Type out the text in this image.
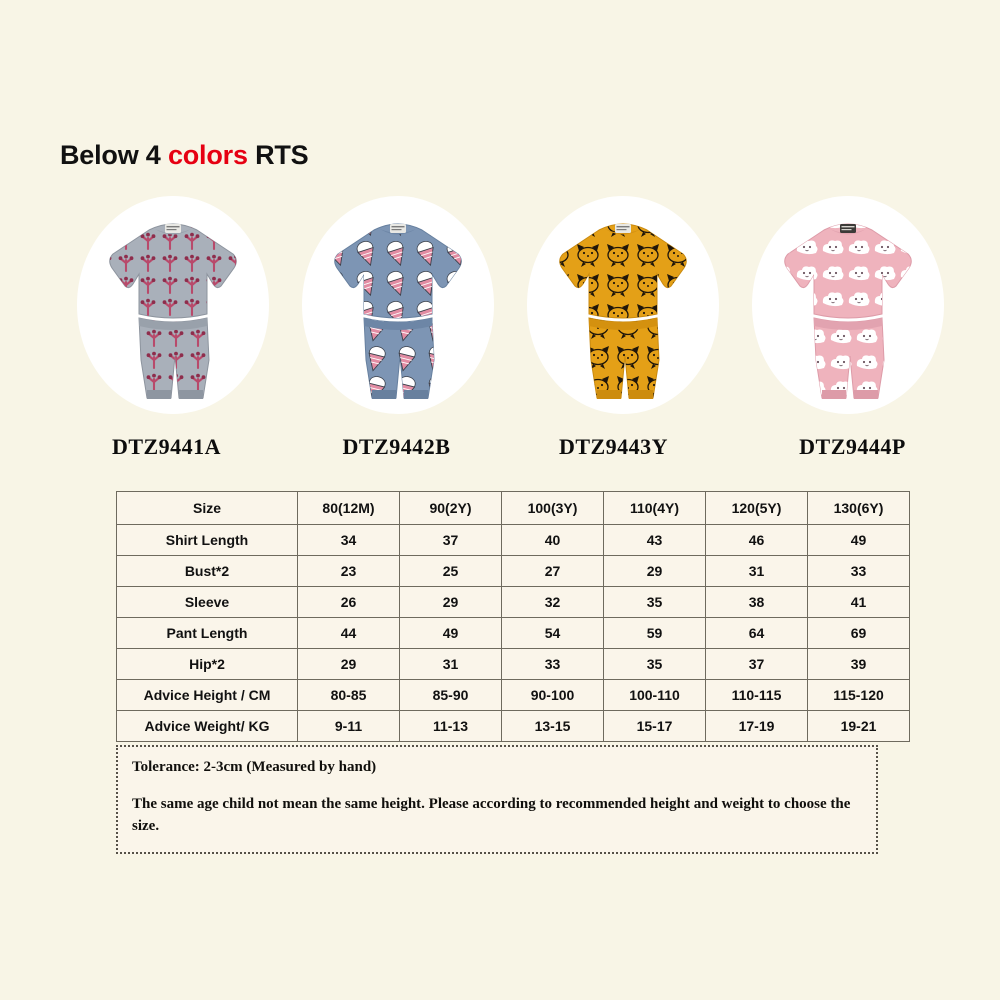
Below 4 colors RTS
DTZ9441A	DTZ9442B	DTZ9443Y	DTZ9444P
Size	80(12M)	90(2Y)	100(3Y)	110(4Y)	120(5Y)	130(6Y)
Shirt Length	34	37	40	43	46	49
Bust*2	23	25	27	29	31	33
Sleeve	26	29	32	35	38	41
Pant Length	44	49	54	59	64	69
Hip*2	29	31	33	35	37	39
Advice Height / CM	80-85	85-90	90-100	100-110	110-115	115-120
Advice Weight/ KG	9-11	11-13	13-15	15-17	17-19	19-21
Tolerance: 2-3cm (Measured by hand)
The same age child not mean the same height. Please according to recommended height and weight to choose the size.
